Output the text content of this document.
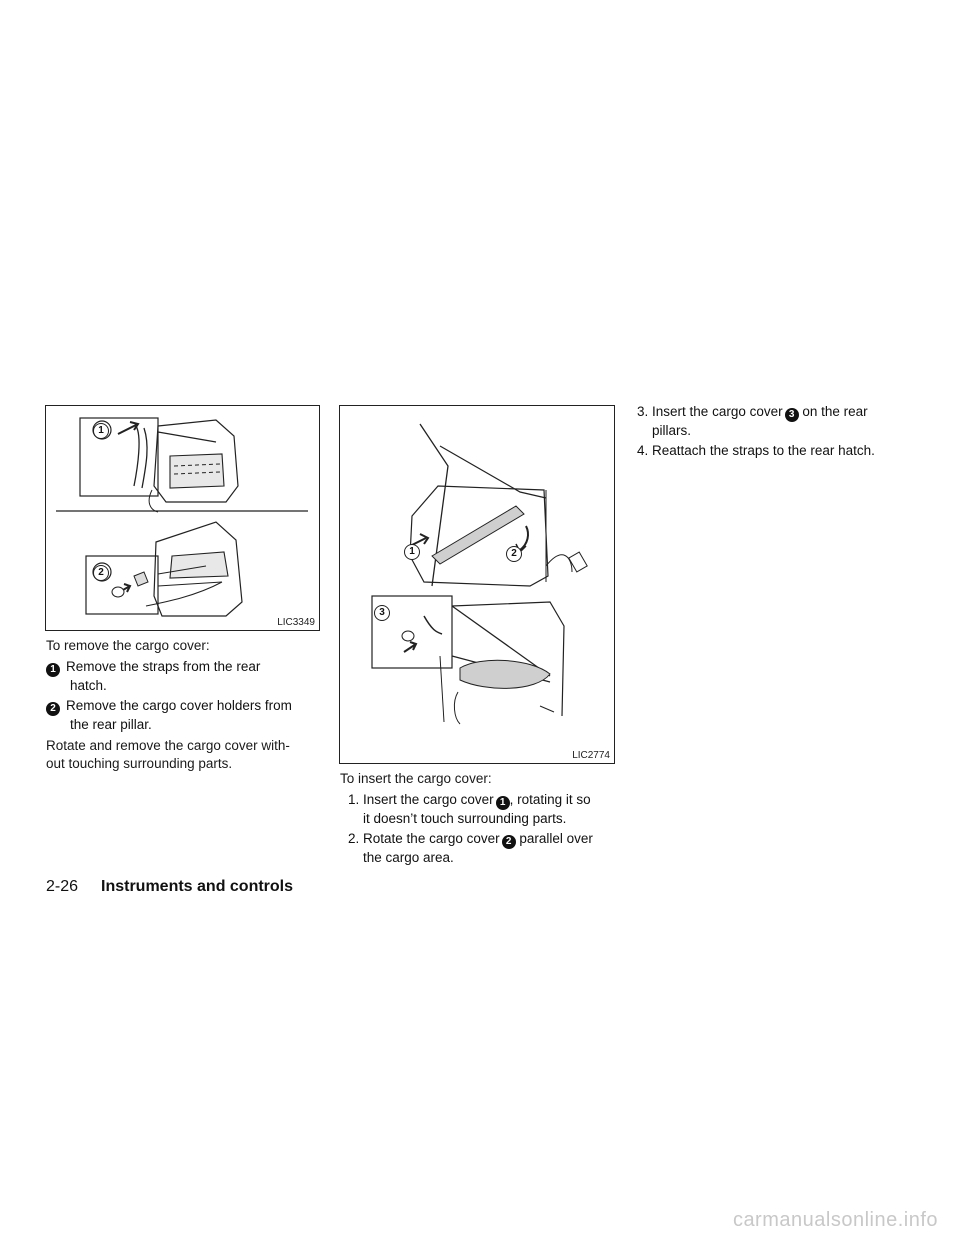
1
2
LIC3349
1	2
3
LIC2774
To remove the cargo cover:
1 Remove the straps from the rear
hatch.
2 Remove the cargo cover holders from
the rear pillar.
Rotate and remove the cargo cover with-
out touching surrounding parts.
To insert the cargo cover:
1. Insert the cargo cover 1 , rotating it so
it doesn’t touch surrounding parts.
2. Rotate the cargo cover 2 parallel over
the cargo area.
3. Insert the cargo cover 3 on the rear
pillars.
4. Reattach the straps to the rear hatch.
2-26 Instruments and controls
carmanualsonline.info
